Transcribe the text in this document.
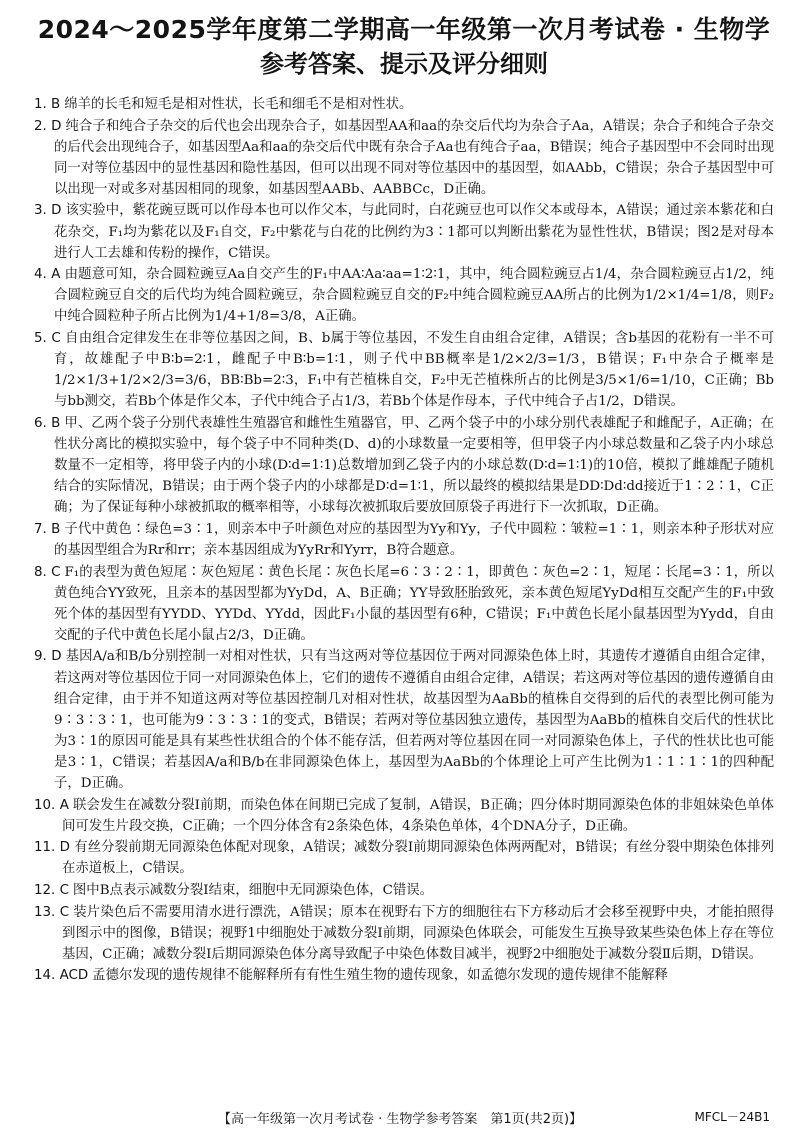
2024～2025学年度第二学期高一年级第一次月考试卷 · 生物学
参考答案、提示及评分细则

1. B 绵羊的长毛和短毛是相对性状，长毛和细毛不是相对性状。

2. D 纯合子和纯合子杂交的后代也会出现杂合子，如基因型AA和aa的杂交后代均为杂合子Aa，A错误；杂合子和纯合子杂交的后代会出现纯合子，如基因型Aa和aa的杂交后代中既有杂合子Aa也有纯合子aa，B错误；纯合子基因型中不会同时出现同一对等位基因中的显性基因和隐性基因，但可以出现不同对等位基因中的基因型，如AAbb，C错误；杂合子基因型中可以出现一对或多对基因相同的现象，如基因型AABb、AABBCc，D正确。

3. D 该实验中，紫花豌豆既可以作母本也可以作父本，与此同时，白花豌豆也可以作父本或母本，A错误；通过亲本紫花和白花杂交，F₁均为紫花以及F₁自交，F₂中紫花与白花的比例约为3∶1都可以判断出紫花为显性性状，B错误；图2是对母本进行人工去雄和传粉的操作，C错误。

4. A 由题意可知，杂合圆粒豌豆Aa自交产生的F₁中AA∶Aa∶aa=1∶2∶1，其中，纯合圆粒豌豆占1/4，杂合圆粒豌豆占1/2，纯合圆粒豌豆自交的后代均为纯合圆粒豌豆，杂合圆粒豌豆自交的F₂中纯合圆粒豌豆AA所占的比例为1/2×1/4=1/8，则F₂中纯合圆粒种子所占比例为1/4+1/8=3/8，A正确。

5. C 自由组合定律发生在非等位基因之间，B、b属于等位基因，不发生自由组合定律，A错误；含b基因的花粉有一半不可育，故雄配子中B∶b=2∶1，雌配子中B∶b=1∶1，则子代中BB概率是1/2×2/3=1/3，B错误；F₁中杂合子概率是1/2×1/3+1/2×2/3=3/6，BB∶Bb=2∶3，F₁中有芒植株自交，F₂中无芒植株所占的比例是3/5×1/6=1/10，C正确；Bb与bb测交，若Bb个体是作父本，子代中纯合子占1/3，若Bb个体是作母本，子代中纯合子占1/2，D错误。

6. B 甲、乙两个袋子分别代表雄性生殖器官和雌性生殖器官，甲、乙两个袋子中的小球分别代表雄配子和雌配子，A正确；在性状分离比的模拟实验中，每个袋子中不同种类(D、d)的小球数量一定要相等，但甲袋子内小球总数量和乙袋子内小球总数量不一定相等，将甲袋子内的小球(D∶d=1∶1)总数增加到乙袋子内的小球总数(D∶d=1∶1)的10倍，模拟了雌雄配子随机结合的实际情况，B错误；由于两个袋子内的小球都是D∶d=1∶1，所以最终的模拟结果是DD∶Dd∶dd接近于1∶2∶1，C正确；为了保证每种小球被抓取的概率相等，小球每次被抓取后要放回原袋子再进行下一次抓取，D正确。

7. B 子代中黄色∶绿色=3∶1，则亲本中子叶颜色对应的基因型为Yy和Yy，子代中圆粒∶皱粒=1∶1，则亲本种子形状对应的基因型组合为Rr和rr；亲本基因组成为YyRr和Yyrr，B符合题意。

8. C F₁的表型为黄色短尾∶灰色短尾∶黄色长尾∶灰色长尾=6∶3∶2∶1，即黄色∶灰色=2∶1，短尾∶长尾=3∶1，所以黄色纯合YY致死，且亲本的基因型都为YyDd，A、B正确；YY导致胚胎致死，亲本黄色短尾YyDd相互交配产生的F₁中致死个体的基因型有YYDD、YYDd、YYdd，因此F₁小鼠的基因型有6种，C错误；F₁中黄色长尾小鼠基因型为Yydd，自由交配的子代中黄色长尾小鼠占2/3，D正确。

9. D 基因A/a和B/b分别控制一对相对性状，只有当这两对等位基因位于两对同源染色体上时，其遗传才遵循自由组合定律，若这两对等位基因位于同一对同源染色体上，它们的遗传不遵循自由组合定律，A错误；若这两对等位基因的遗传遵循自由组合定律，由于并不知道这两对等位基因控制几对相对性状，故基因型为AaBb的植株自交得到的后代的表型比例可能为9∶3∶3∶1，也可能为9∶3∶3∶1的变式，B错误；若两对等位基因独立遗传，基因型为AaBb的植株自交后代的性状比为3∶1的原因可能是具有某些性状组合的个体不能存活，但若两对等位基因在同一对同源染色体上，子代的性状比也可能是3∶1，C错误；若基因A/a和B/b在非同源染色体上，基因型为AaBb的个体理论上可产生比例为1∶1∶1∶1的四种配子，D正确。

10. A 联会发生在减数分裂Ⅰ前期，而染色体在间期已完成了复制，A错误，B正确；四分体时期同源染色体的非姐妹染色单体间可发生片段交换，C正确；一个四分体含有2条染色体，4条染色单体，4个DNA分子，D正确。

11. D 有丝分裂前期无同源染色体配对现象，A错误；减数分裂Ⅰ前期同源染色体两两配对，B错误；有丝分裂中期染色体排列在赤道板上，C错误。

12. C 图中B点表示减数分裂Ⅰ结束，细胞中无同源染色体，C错误。

13. C 装片染色后不需要用清水进行漂洗，A错误；原本在视野右下方的细胞往右下方移动后才会移至视野中央，才能拍照得到图示中的图像，B错误；视野1中细胞处于减数分裂Ⅰ前期，同源染色体联会，可能发生互换导致某些染色体上存在等位基因，C正确；减数分裂Ⅰ后期同源染色体分离导致配子中染色体数目减半，视野2中细胞处于减数分裂Ⅱ后期，D错误。

14. ACD 孟德尔发现的遗传规律不能解释所有有性生殖生物的遗传现象，如孟德尔发现的遗传规律不能解释

【高一年级第一次月考试卷 · 生物学参考答案　第1页(共2页)】	MFCL－24B1
